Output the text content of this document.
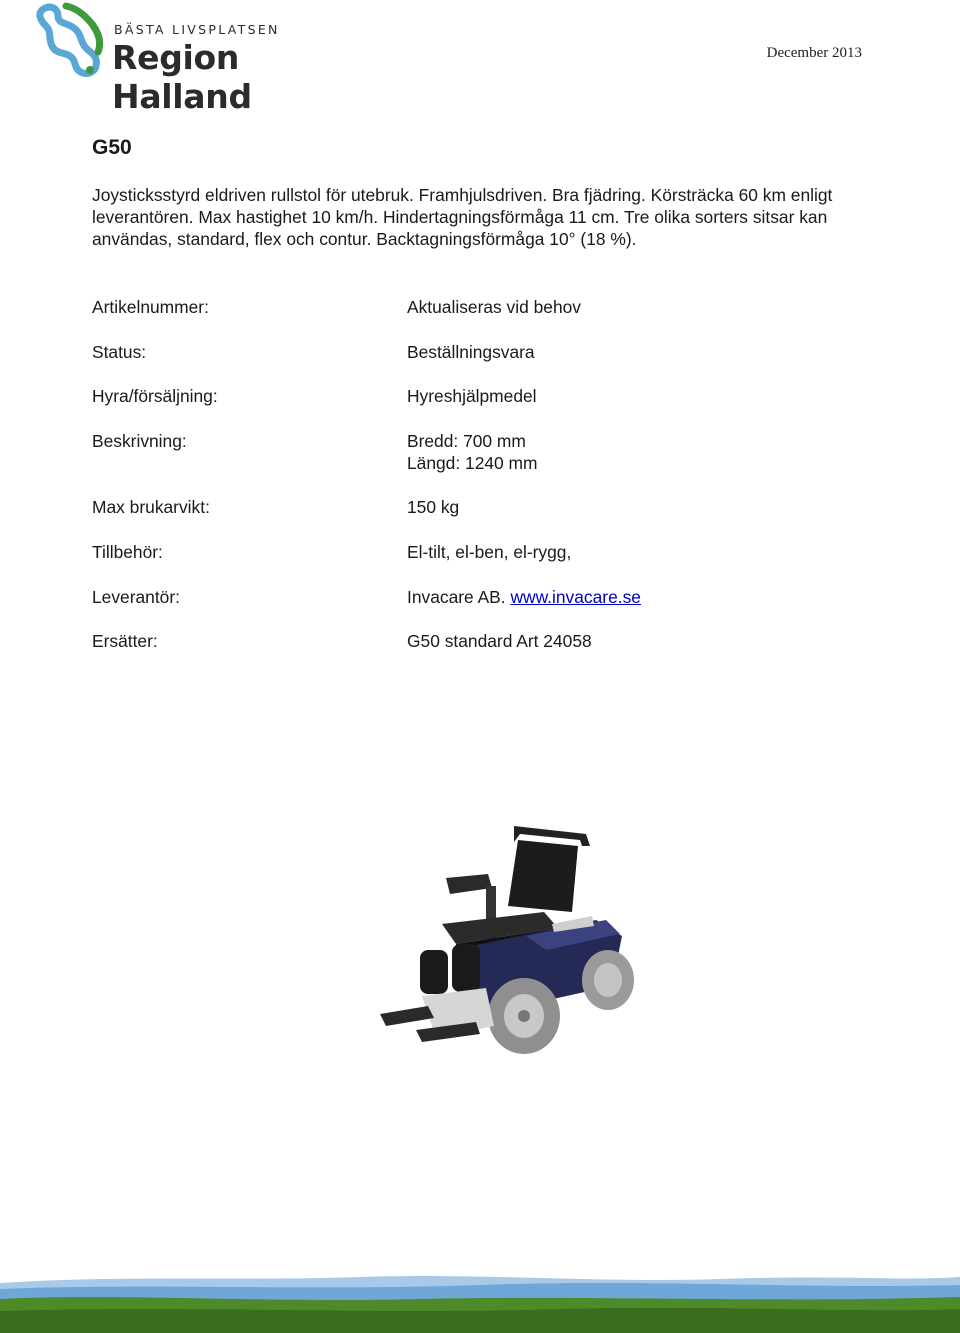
BÄSTA LIVSPLATSEN
Region Halland
December 2013
G50

Joysticksstyrd eldriven rullstol för utebruk. Framhjulsdriven. Bra fjädring. Körsträcka 60 km enligt leverantören. Max hastighet 10 km/h. Hindertagningsförmåga 11 cm. Tre olika sorters sitsar kan användas, standard, flex och contur. Backtagningsförmåga 10° (18 %).

Artikelnummer:	Aktualiseras vid behov
Status:	Beställningsvara
Hyra/försäljning:	Hyreshjälpmedel
Beskrivning:	Bredd: 700 mm
Längd: 1240 mm
Max brukarvikt:	150 kg
Tillbehör:	El-tilt, el-ben, el-rygg,
Leverantör:	Invacare AB. www.invacare.se
Ersätter:	G50 standard Art 24058
